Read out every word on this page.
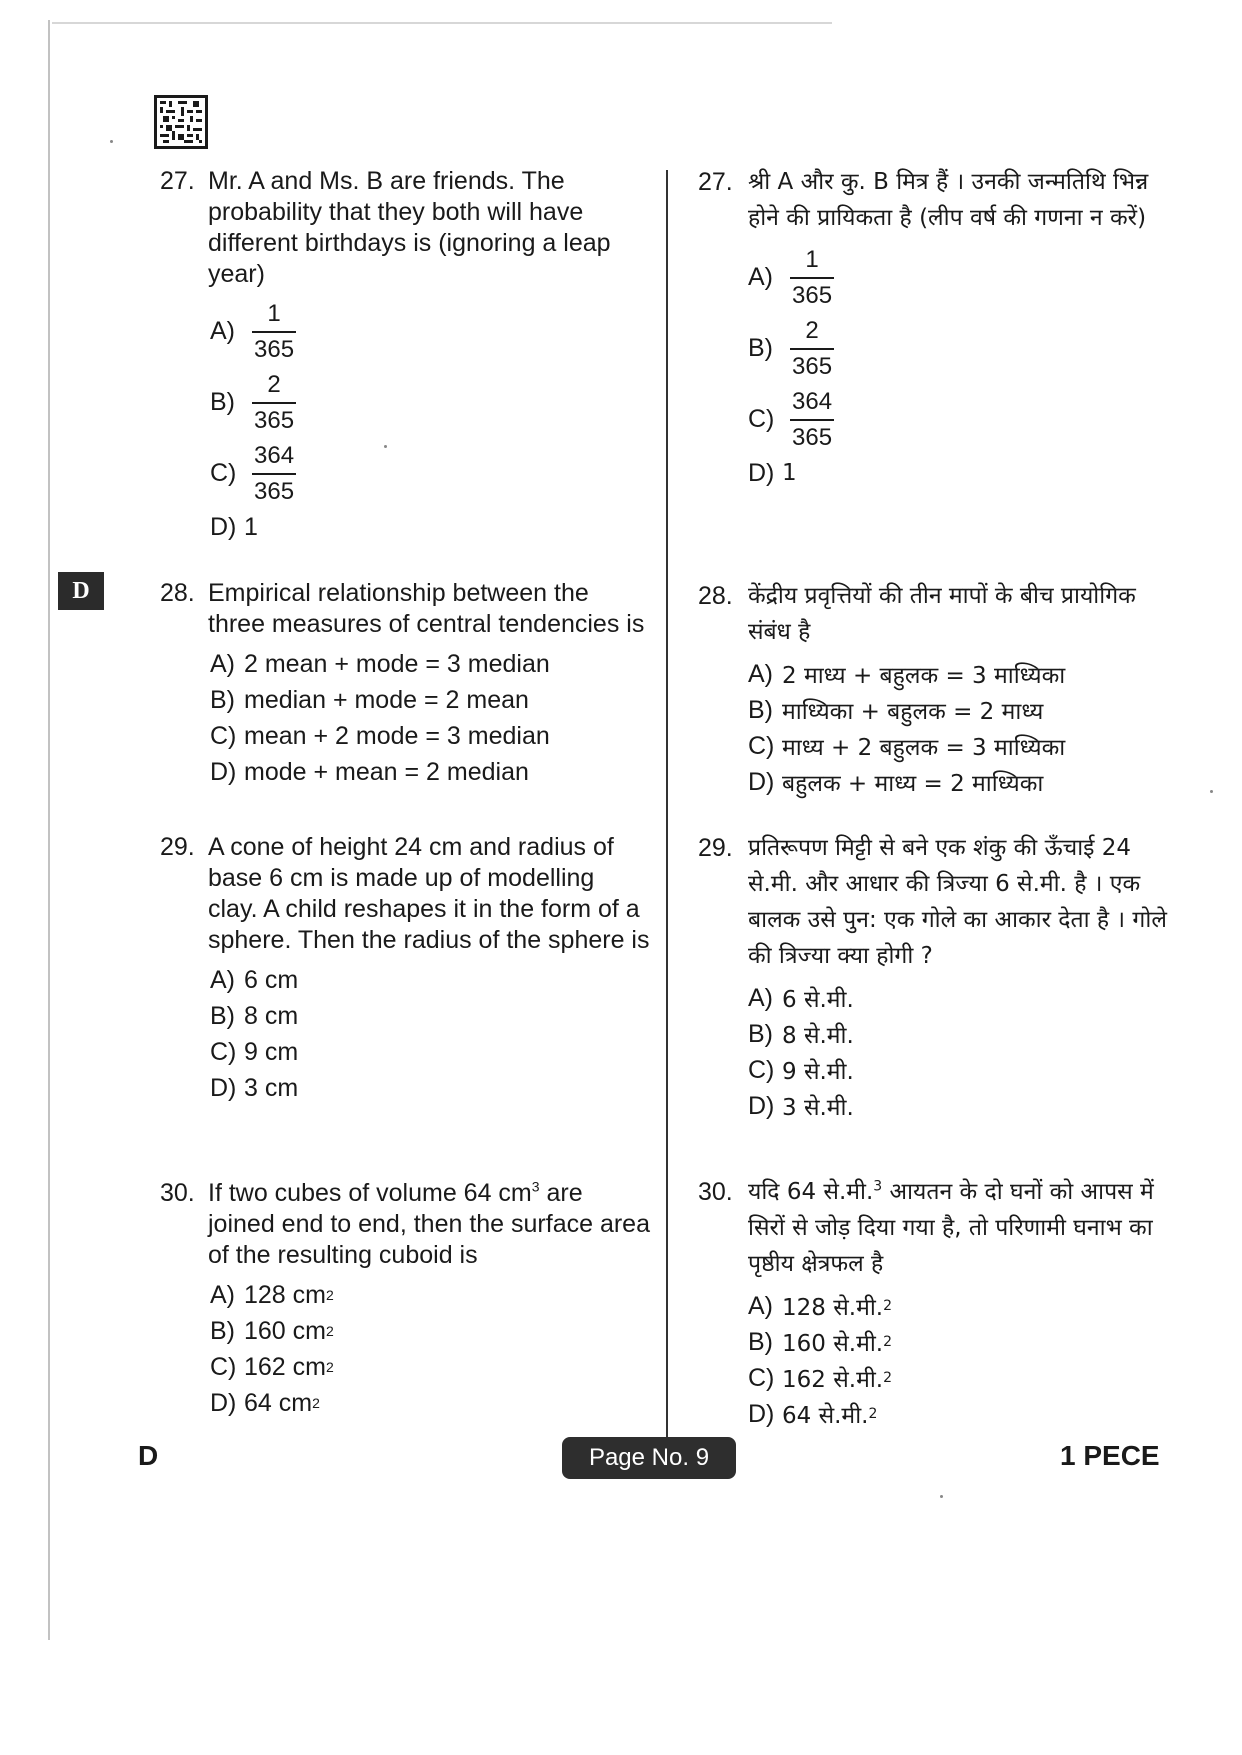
D
27. Mr. A and Ms. B are friends. The probability that they both will have different birthdays is (ignoring a leap year)
$A) \frac{1}{365}$
$B) \frac{2}{365}$
$C) \frac{364}{365}$
D) 1
28. Empirical relationship between the three measures of central tendencies is
A) 2 mean + mode = 3 median
B) median + mode = 2 mean
C) mean + 2 mode = 3 median
D) mode + mean = 2 median
29. A cone of height 24 cm and radius of base 6 cm is made up of modelling clay. A child reshapes it in the form of a sphere. Then the radius of the sphere is
A) 6 cm
B) 8 cm
C) 9 cm
D) 3 cm
30. If two cubes of volume 64 $cm^3$ are joined end to end, then the surface area of the resulting cuboid is
A) 128 cm 2
B) 160 cm 2
C) 162 cm 2
D) 64 cm 2
27. श्री A और कु. B मित्र हैं । उनकी जन्मतिथि भिन्न होने की प्रायिकता है (लीप वर्ष की गणना न करें)
$A) \frac{1}{365}$
$B) \frac{2}{365}$
$C) \frac{364}{365}$
D) 1
28. केंद्रीय प्रवृत्तियों की तीन मापों के बीच प्रायोगिक संबंध है
A) 2 माध्य + बहुलक = 3 माध्यिका
B) माध्यिका + बहुलक = 2 माध्य
C) माध्य + 2 बहुलक = 3 माध्यिका
D) बहुलक + माध्य = 2 माध्यिका
29. प्रतिरूपण मिट्टी से बने एक शंकु की ऊँचाई 24 से.मी. और आधार की त्रिज्या 6 से.मी. है । एक बालक उसे पुन: एक गोले का आकार देता है । गोले की त्रिज्या क्या होगी ?
A) 6 से.मी.
B) 8 से.मी.
C) 9 से.मी.
D) 3 से.मी.
30. यदि 64 से.मी.$^3$ आयतन के दो घनों को आपस में सिरों से जोड़ दिया गया है, तो परिणामी घनाभ का पृष्ठीय क्षेत्रफल है
A) 128 से.मी. 2
B) 160 से.मी. 2
C) 162 से.मी. 2
D) 64 से.मी. 2
D	Page No. 9	1 PECE
